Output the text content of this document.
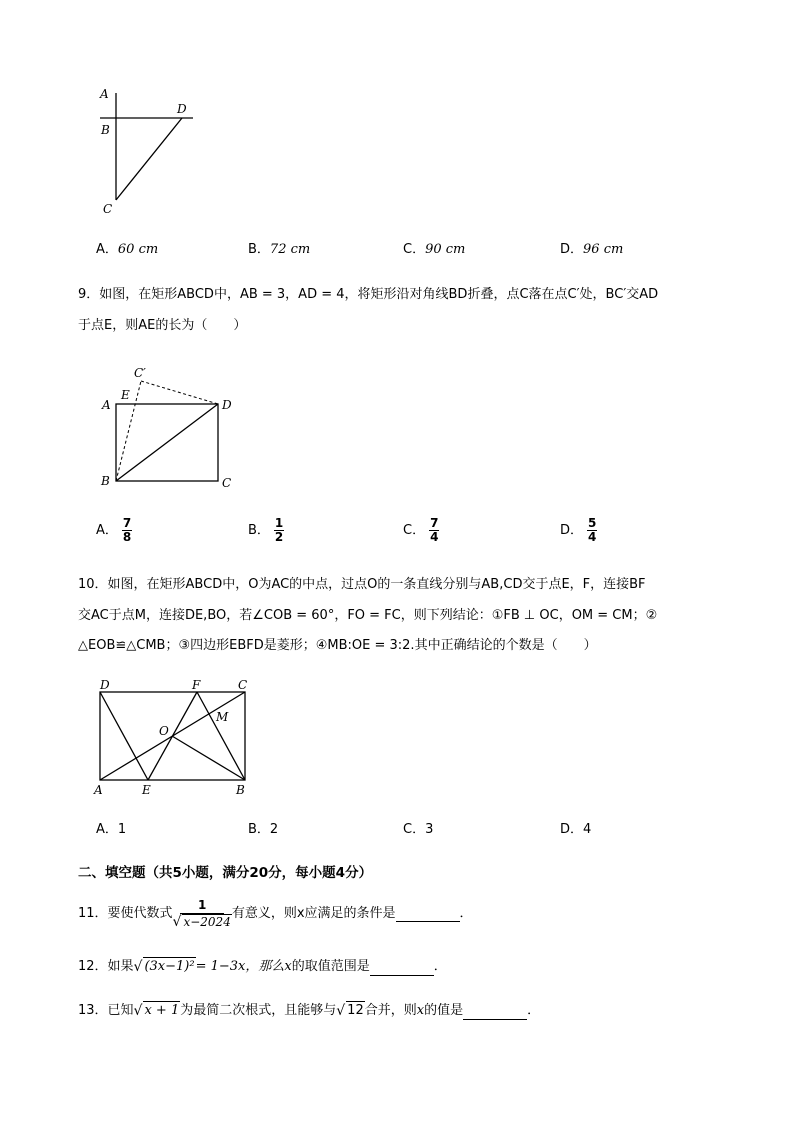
A
B
C
D
A． 60 cm	B． 72 cm	C． 90 cm	D． 96 cm
9．如图，在矩形ABCD中，AB = 3，AD = 4，将矩形沿对角线BD折叠，点C落在点C′处，BC′交AD
于点E，则AE的长为（　　）
C′
E
A	D
B	C
A． $\frac{7}{8}$	B． $\frac{1}{2}$	C． $\frac{7}{4}$	D． $\frac{5}{4}$
10．如图，在矩形ABCD中，O为AC的中点，过点O的一条直线分别与AB,CD交于点E，F，连接BF
交AC于点M，连接DE,BO，若∠COB = 60°，FO = FC，则下列结论：①FB ⊥ OC，OM = CM；②
△EOB≌△CMB；③四边形EBFD是菱形；④MB:OE = 3:2.其中正确结论的个数是（　　）
D	F	C
M
O
A	E	B
A． 1	B． 2	C． 3	D． 4
二、填空题（共5小题，满分20分，每小题4分）
11．要使代数式
1
√ x−2024
有意义，则x应满足的条件是	．
12．如果 √ (3x−1)² = 1−3x，那么 x 的取值范围是	．
13．已知 √ x + 1 为最简二次根式，且能够与 √ 12 合并，则 x 的值是	．
